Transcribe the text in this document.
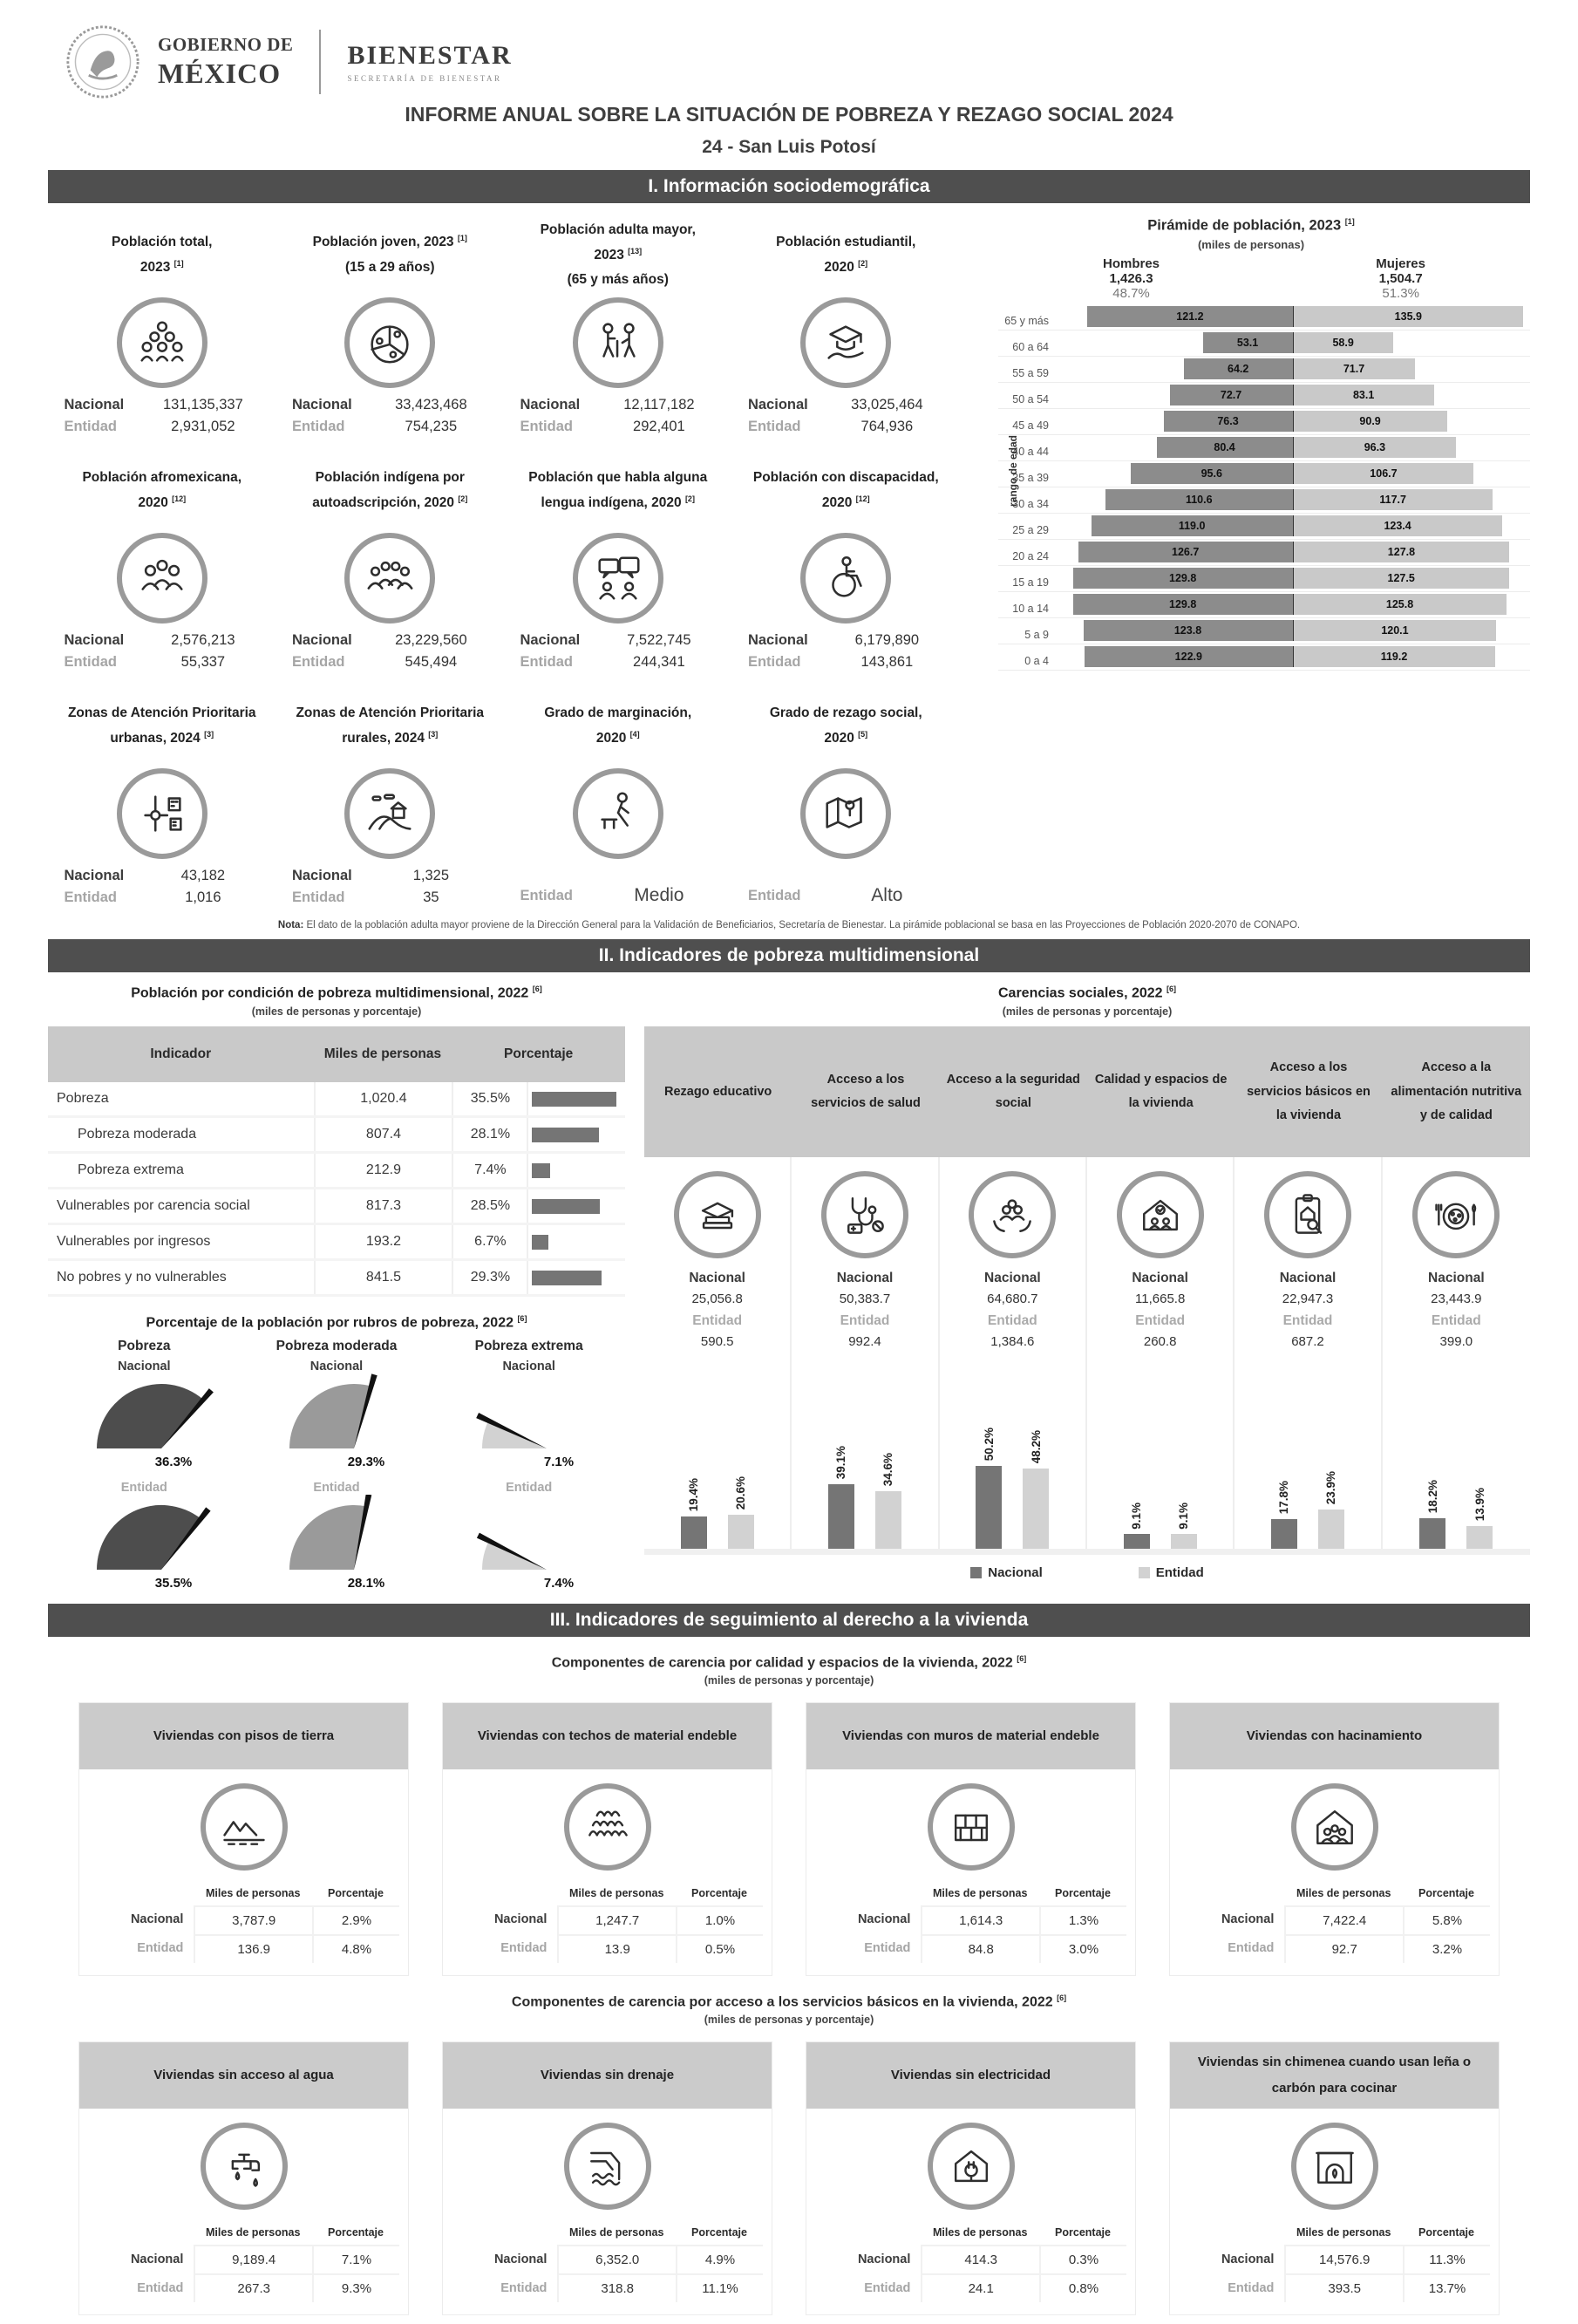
GOBIERNO DE
MÉXICO
BIENESTAR
SECRETARÍA DE BIENESTAR
INFORME ANUAL SOBRE LA SITUACIÓN DE POBREZA Y REZAGO SOCIAL 2024
24 - San Luis Potosí
I. Información sociodemográfica
Población total,
2023 [1]
Nacional	131,135,337
Entidad	2,931,052
Población joven, 2023 [1]
(15 a 29 años)
Nacional	33,423,468
Entidad	754,235
Población adulta mayor,
2023 [13]
(65 y más años)
Nacional	12,117,182
Entidad	292,401
Población estudiantil,
2020 [2]
Nacional	33,025,464
Entidad	764,936
Población afromexicana,
2020 [12]
Nacional	2,576,213
Entidad	55,337
Población indígena por
autoadscripción, 2020 [2]
Nacional	23,229,560
Entidad	545,494
Población que habla alguna
lengua indígena, 2020 [2]
Nacional	7,522,745
Entidad	244,341
Población con discapacidad,
2020 [12]
Nacional	6,179,890
Entidad	143,861
Zonas de Atención Prioritaria
urbanas, 2024 [3]
Nacional	43,182
Entidad	1,016
Zonas de Atención Prioritaria
rurales, 2024 [3]
Nacional	1,325
Entidad	35
Grado de marginación,
2020 [4]
Entidad	Medio
Grado de rezago social,
2020 [5]
Entidad	Alto
Pirámide de población, 2023 [1]
(miles de personas)
Hombres
1,426.3
48.7%
Mujeres
1,504.7
51.3%
rango de edad
65 y más	121.2	135.9
60 a 64	53.1	58.9
55 a 59	64.2	71.7
50 a 54	72.7	83.1
45 a 49	76.3	90.9
40 a 44	80.4	96.3
35 a 39	95.6	106.7
30 a 34	110.6	117.7
25 a 29	119.0	123.4
20 a 24	126.7	127.8
15 a 19	129.8	127.5
10 a 14	129.8	125.8
5 a 9	123.8	120.1
0 a 4	122.9	119.2
Nota: El dato de la población adulta mayor proviene de la Dirección General para la Validación de Beneficiarios, Secretaría de Bienestar. La pirámide poblacional se basa en las Proyecciones de Población 2020-2070 de CONAPO.
II. Indicadores de pobreza multidimensional
Población por condición de pobreza multidimensional, 2022 [6]
(miles de personas y porcentaje)
Indicador	Miles de personas	Porcentaje
Pobreza	1,020.4	35.5%
Pobreza moderada	807.4	28.1%
Pobreza extrema	212.9	7.4%
Vulnerables por carencia social	817.3	28.5%
Vulnerables por ingresos	193.2	6.7%
No pobres y no vulnerables	841.5	29.3%
Porcentaje de la población por rubros de pobreza, 2022 [6]
Pobreza
Nacional
36.3%
Entidad
35.5%
Pobreza moderada
Nacional
29.3%
Entidad
28.1%
Pobreza extrema
Nacional
7.1%
Entidad
7.4%
Carencias sociales, 2022 [6]
(miles de personas y porcentaje)
Rezago educativo
Acceso a los servicios de salud
Acceso a la seguridad social
Calidad y espacios de la vivienda
Acceso a los servicios básicos en la vivienda
Acceso a la alimentación nutritiva y de calidad
Nacional
25,056.8
Entidad
590.5
Nacional
50,383.7
Entidad
992.4
Nacional
64,680.7
Entidad
1,384.6
Nacional
11,665.8
Entidad
260.8
Nacional
22,947.3
Entidad
687.2
Nacional
23,443.9
Entidad
399.0
19.4%	20.6%
39.1%	34.6%
50.2%	48.2%
9.1%	9.1%
17.8%	23.9%	18.2%	13.9%
Nacional	Entidad
III. Indicadores de seguimiento al derecho a la vivienda
Componentes de carencia por calidad y espacios de la vivienda, 2022 [6]
(miles de personas y porcentaje)
Viviendas con pisos de tierra
Miles de personas	Porcentaje
Nacional	3,787.9	2.9%
Entidad	136.9	4.8%
Viviendas con techos de material endeble
Miles de personas	Porcentaje
Nacional	1,247.7	1.0%
Entidad	13.9	0.5%
Viviendas con muros de material endeble
Miles de personas	Porcentaje
Nacional	1,614.3	1.3%
Entidad	84.8	3.0%
Viviendas con hacinamiento
Miles de personas	Porcentaje
Nacional	7,422.4	5.8%
Entidad	92.7	3.2%
Componentes de carencia por acceso a los servicios básicos en la vivienda, 2022 [6]
(miles de personas y porcentaje)
Viviendas sin acceso al agua
Miles de personas	Porcentaje
Nacional	9,189.4	7.1%
Entidad	267.3	9.3%
Viviendas sin drenaje
Miles de personas	Porcentaje
Nacional	6,352.0	4.9%
Entidad	318.8	11.1%
Viviendas sin electricidad
Miles de personas	Porcentaje
Nacional	414.3	0.3%
Entidad	24.1	0.8%
Viviendas sin chimenea cuando usan leña o carbón para cocinar
Miles de personas	Porcentaje
Nacional	14,576.9	11.3%
Entidad	393.5	13.7%
